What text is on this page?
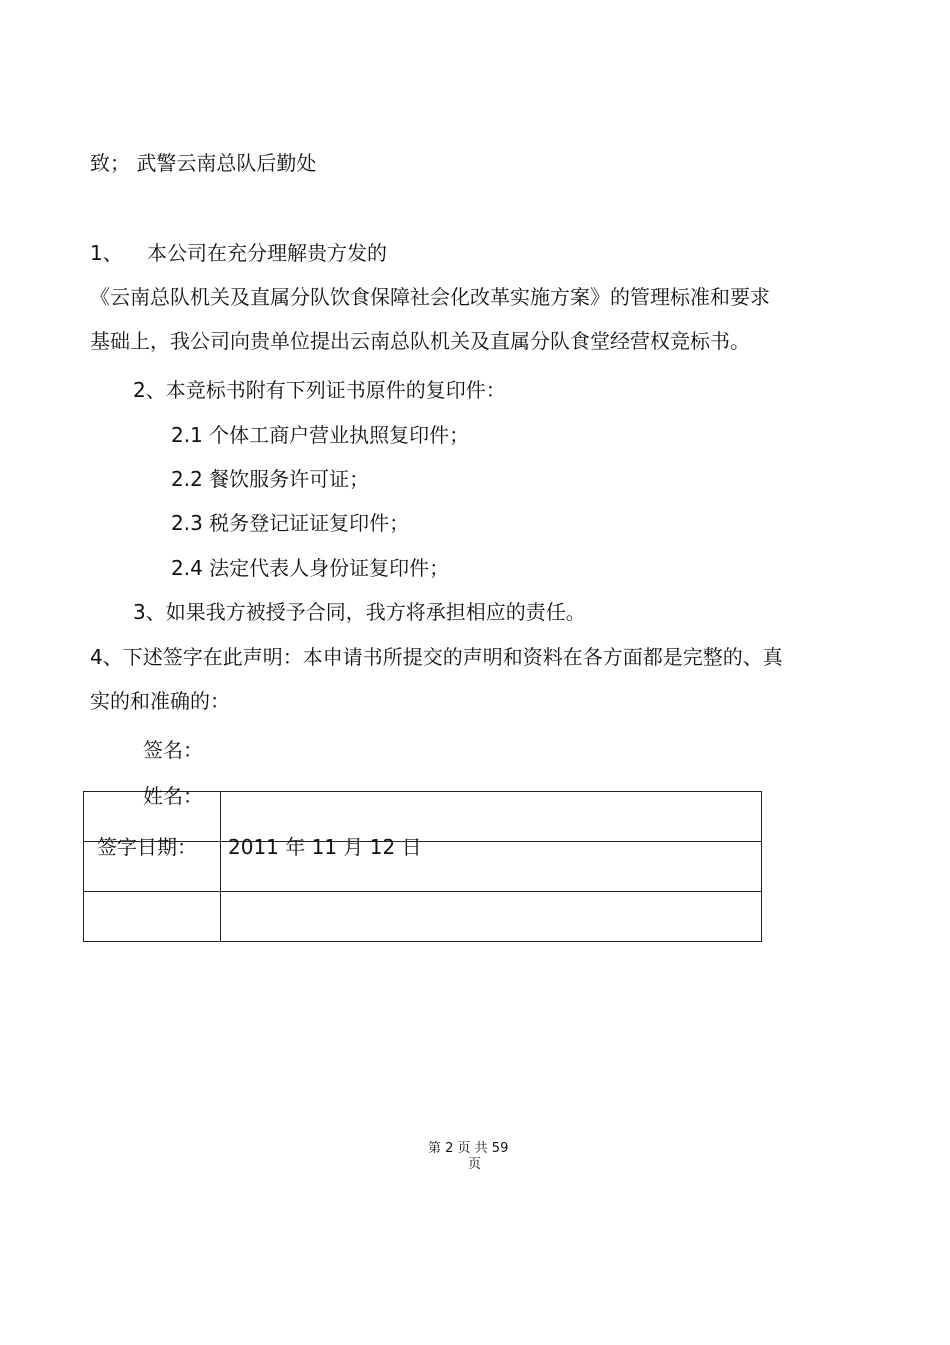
致； 武警云南总队后勤处
1、 本公司在充分理解贵方发的
《云南总队机关及直属分队饮食保障社会化改革实施方案》的管理标准和要求
基础上，我公司向贵单位提出云南总队机关及直属分队食堂经营权竞标书。
2、本竞标书附有下列证书原件的复印件：
2.1 个体工商户营业执照复印件；
2.2 餐饮服务许可证；
2.3 税务登记证证复印件；
2.4 法定代表人身份证复印件；
3、如果我方被授予合同，我方将承担相应的责任。
4、下述签字在此声明：本申请书所提交的声明和资料在各方面都是完整的、真
实的和准确的：
签名：

姓名：
签字日期： 2011 年 11 月 12 日
第 2 页 共 59
页
